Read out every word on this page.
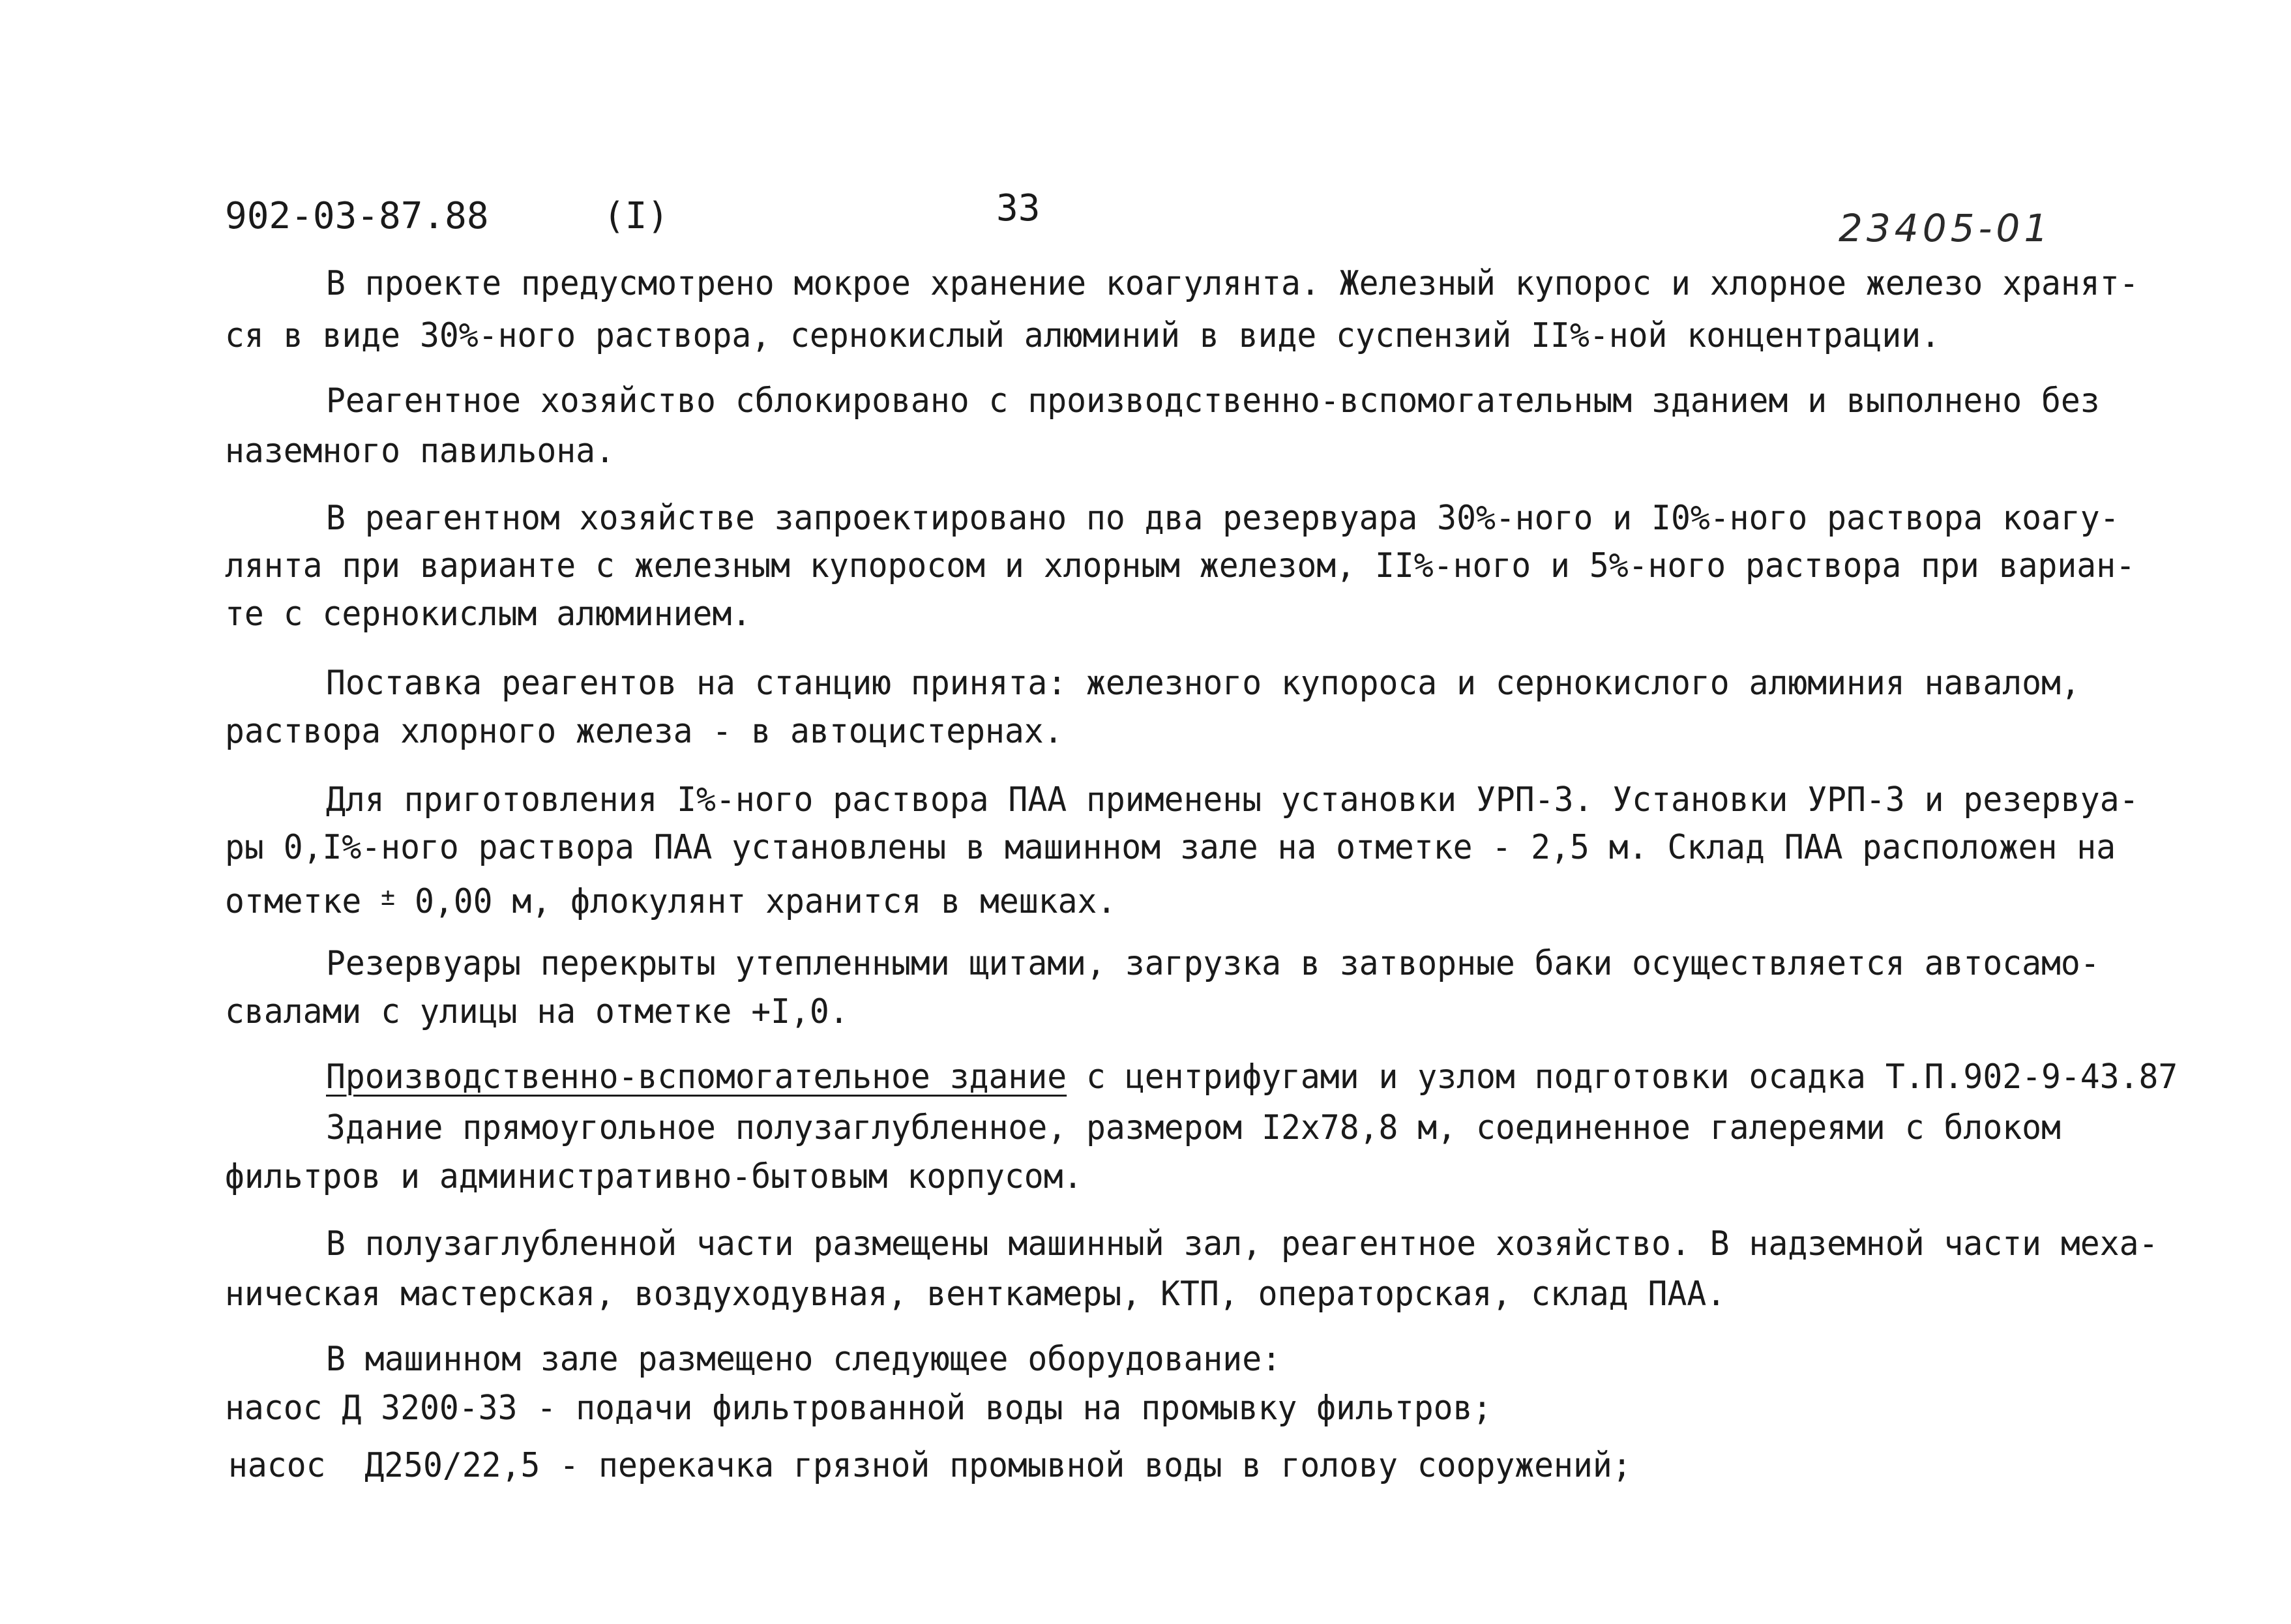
902-03-87.88	(I)	33	23405-01

В проекте предусмотрено мокрое хранение коагулянта. Железный купорос и хлорное железо хранят-

ся в виде 30%-ного раствора, сернокислый алюминий в виде суспензий II%-ной концентрации.

Реагентное хозяйство сблокировано с производственно-вспомогательным зданием и выполнено без

наземного павильона.

В реагентном хозяйстве запроектировано по два резервуара 30%-ного и I0%-ного раствора коагу-

лянта при варианте с железным купоросом и хлорным железом, II%-ного и 5%-ного раствора при вариан-

те с сернокислым алюминием.

Поставка реагентов на станцию принята: железного купороса и сернокислого алюминия навалом,

раствора хлорного железа - в автоцистернах.

Для приготовления I%-ного раствора ПАА применены установки УРП-3. Установки УРП-3 и резервуа-

ры 0,I%-ного раствора ПАА установлены в машинном зале на отметке - 2,5 м. Склад ПАА расположен на

отметке ± 0,00 м, флокулянт хранится в мешках.

Резервуары перекрыты утепленными щитами, загрузка в затворные баки осуществляется автосамо-

свалами с улицы на отметке +I,0.

Производственно-вспомогательное здание с центрифугами и узлом подготовки осадка Т.П.902-9-43.87

Здание прямоугольное полузаглубленное, размером I2х78,8 м, соединенное галереями с блоком

фильтров и административно-бытовым корпусом.

В полузаглубленной части размещены машинный зал, реагентное хозяйство. В надземной части меха-

ническая мастерская, воздуходувная, венткамеры, КТП, операторская, склад ПАА.

В машинном зале размещено следующее оборудование:

насос Д 3200-33 - подачи фильтрованной воды на промывку фильтров;

насос  Д250/22,5 - перекачка грязной промывной воды в голову сооружений;
